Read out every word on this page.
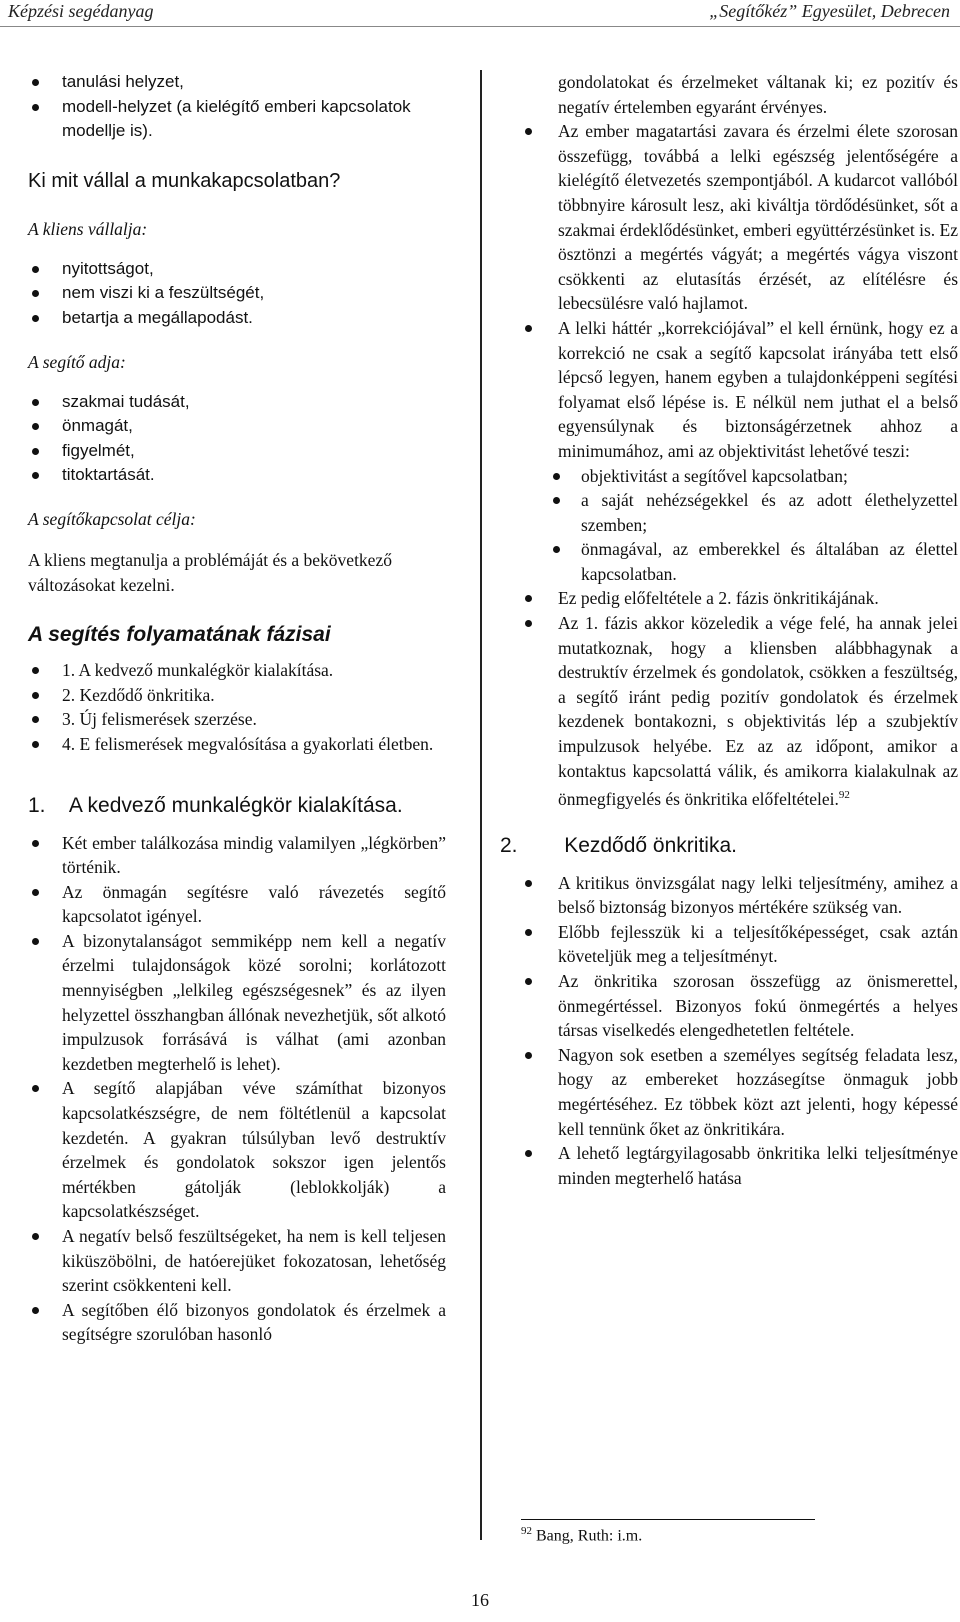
Képzési segédanyag	„Segítőkéz” Egyesület, Debrecen
tanulási helyzet,
modell-helyzet (a kielégítő emberi kapcsolatok modellje is).
Ki mit vállal a munkakapcsolatban?
A kliens vállalja:
nyitottságot,
nem viszi ki a feszültségét,
betartja a megállapodást.
A segítő adja:
szakmai tudását,
önmagát,
figyelmét,
titoktartását.
A segítőkapcsolat célja:
A kliens megtanulja a problémáját és a bekövetkező változásokat kezelni.
A segítés folyamatának fázisai
1. A kedvező munkalégkör kialakítása.
2. Kezdődő önkritika.
3. Új felismerések szerzése.
4. E felismerések megvalósítása a gyakorlati életben.
1.    A kedvező munkalégkör kialakítása.
Két ember találkozása mindig valamilyen „légkörben” történik.
Az önmagán segítésre való rávezetés segítő kapcsolatot igényel.
A bizonytalanságot semmiképp nem kell a negatív érzelmi tulajdonságok közé sorolni; korlátozott mennyiségben „lelkileg egészségesnek” és az ilyen helyzettel összhangban állónak nevezhetjük, sőt alkotó impulzusok forrásává is válhat (ami azonban kezdetben megterhelő is lehet).
A segítő alapjában véve számíthat bizonyos kapcsolatkészségre, de nem föltétlenül a kapcsolat kezdetén. A gyakran túlsúlyban levő destruktív érzelmek és gondolatok sokszor igen jelentős mértékben gátolják (leblokkolják) a kapcsolatkészséget.
A negatív belső feszültségeket, ha nem is kell teljesen kiküszöbölni, de hatóerejüket fokozatosan, lehetőség szerint csökkenteni kell.
A segítőben élő bizonyos gondolatok és érzelmek a segítségre szorulóban hasonló
gondolatokat és érzelmeket váltanak ki; ez pozitív és negatív értelemben egyaránt érvényes.
Az ember magatartási zavara és érzelmi élete szorosan összefügg, továbbá a lelki egészség jelentőségére a kielégítő életvezetés szempontjából. A kudarcot vallóból többnyire károsult lesz, aki kiváltja tördődésünket, sőt a szakmai érdeklődésünket, emberi együttérzésünket is. Ez ösztönzi a megértés vágyát; a megértés vágya viszont csökkenti az elutasítás érzését, az elítélésre és lebecsülésre való hajlamot.
A lelki háttér „korrekciójával” el kell érnünk, hogy ez a korrekció ne csak a segítő kapcsolat irányába tett első lépcső legyen, hanem egyben a tulajdonképpeni segítési folyamat első lépése is. E nélkül nem juthat el a belső egyensúlynak és biztonságérzetnek ahhoz a minimumához, ami az objektivitást lehetővé teszi:
objektivitást a segítővel kapcsolatban;
a saját nehézségekkel és az adott élethelyzettel szemben;
önmagával, az emberekkel és általában az élettel kapcsolatban.
Ez pedig előfeltétele a 2. fázis önkritikájának.
Az 1. fázis akkor közeledik a vége felé, ha annak jelei mutatkoznak, hogy a kliensben alábbhagynak a destruktív érzelmek és gondolatok, csökken a feszültség, a segítő iránt pedig pozitív gondolatok és érzelmek kezdenek bontakozni, s objektivitás lép a szubjektív impulzusok helyébe. Ez az az időpont, amikor a kontaktus kapcsolattá válik, és amikorra kialakulnak az önmegfigyelés és önkritika előfeltételei.$^{92}$
2.        Kezdődő önkritika.
A kritikus önvizsgálat nagy lelki teljesítmény, amihez a belső biztonság bizonyos mértékére szükség van.
Előbb fejlesszük ki a teljesítőképességet, csak aztán követeljük meg a teljesítményt.
Az önkritika szorosan összefügg az önismerettel, önmegértéssel. Bizonyos fokú önmegértés a helyes társas viselkedés elengedhetetlen feltétele.
Nagyon sok esetben a személyes segítség feladata lesz, hogy az embereket hozzásegítse önmaguk jobb megértéséhez. Ez többek közt azt jelenti, hogy képessé kell tennünk őket az önkritikára.
A lehető legtárgyilagosabb önkritika lelki teljesítménye minden megterhelő hatása
$^{92}$ Bang, Ruth: i.m.
16
